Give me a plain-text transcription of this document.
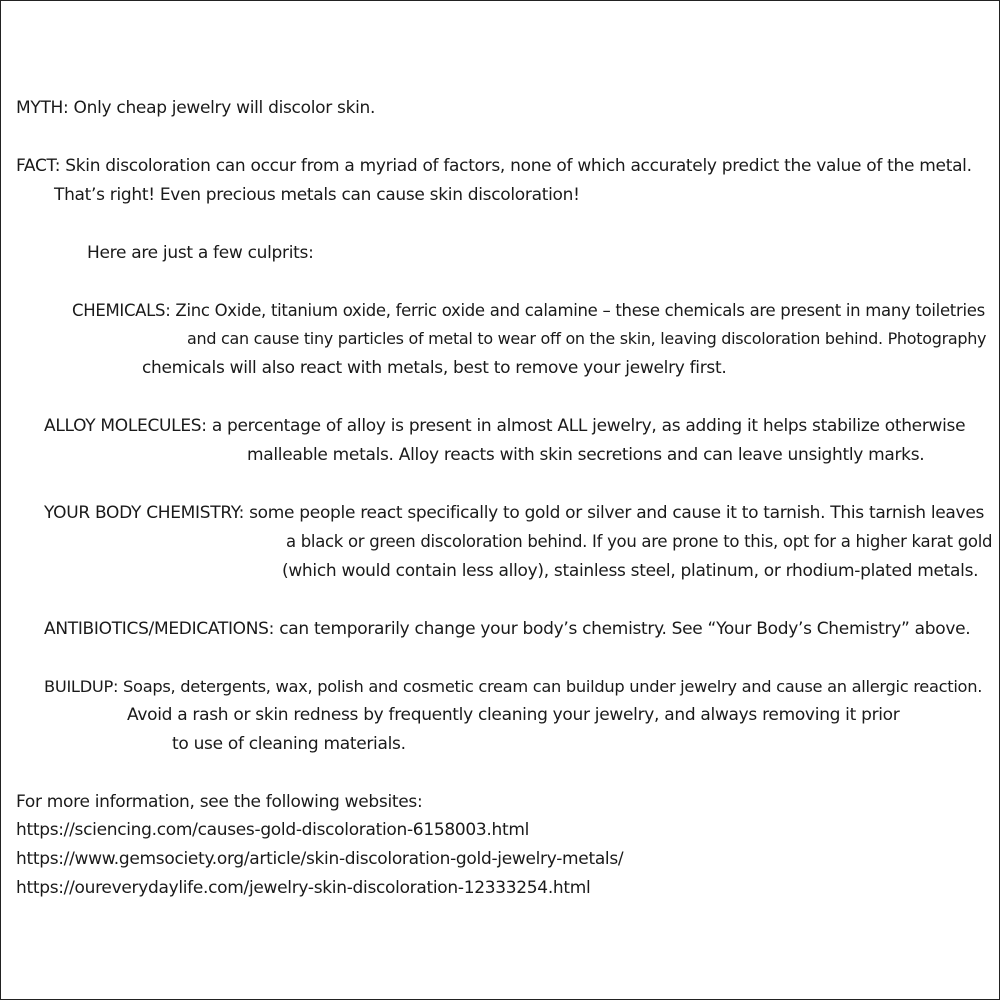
MYTH: Only cheap jewelry will discolor skin.
FACT: Skin discoloration can occur from a myriad of factors, none of which accurately predict the value of the metal.
That’s right! Even precious metals can cause skin discoloration!
Here are just a few culprits:
CHEMICALS: Zinc Oxide, titanium oxide, ferric oxide and calamine – these chemicals are present in many toiletries
and can cause tiny particles of metal to wear off on the skin, leaving discoloration behind. Photography
chemicals will also react with metals, best to remove your jewelry first.
ALLOY MOLECULES: a percentage of alloy is present in almost ALL jewelry, as adding it helps stabilize otherwise
malleable metals. Alloy reacts with skin secretions and can leave unsightly marks.
YOUR BODY CHEMISTRY: some people react specifically to gold or silver and cause it to tarnish. This tarnish leaves
a black or green discoloration behind. If you are prone to this, opt for a higher karat gold
(which would contain less alloy), stainless steel, platinum, or rhodium-plated metals.
ANTIBIOTICS/MEDICATIONS: can temporarily change your body’s chemistry. See “Your Body’s Chemistry” above.
BUILDUP: Soaps, detergents, wax, polish and cosmetic cream can buildup under jewelry and cause an allergic reaction.
Avoid a rash or skin redness by frequently cleaning your jewelry, and always removing it prior
to use of cleaning materials.
For more information, see the following websites:
https://sciencing.com/causes-gold-discoloration-6158003.html
https://www.gemsociety.org/article/skin-discoloration-gold-jewelry-metals/
https://oureverydaylife.com/jewelry-skin-discoloration-12333254.html
